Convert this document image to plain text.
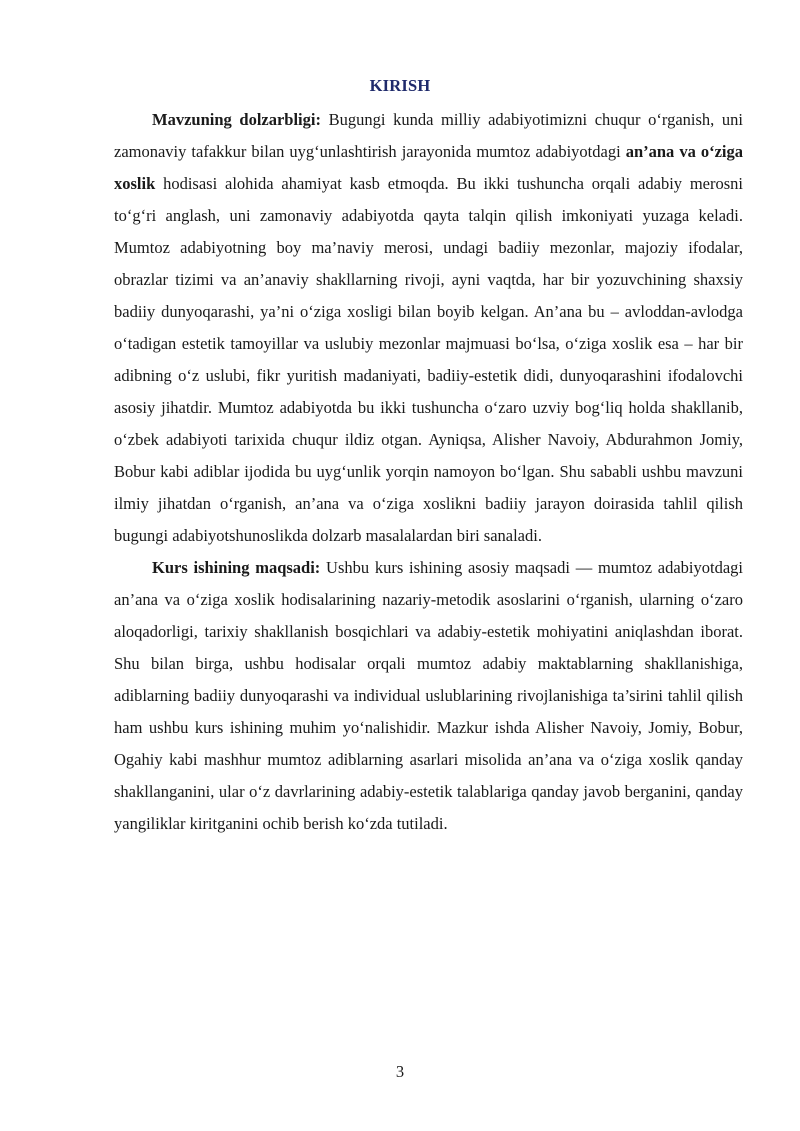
KIRISH

Mavzuning dolzarbligi: Bugungi kunda milliy adabiyotimizni chuqur o‘rganish, uni zamonaviy tafakkur bilan uyg‘unlashtirish jarayonida mumtoz adabiyotdagi an’ana va o‘ziga xoslik hodisasi alohida ahamiyat kasb etmoqda. Bu ikki tushuncha orqali adabiy merosni to‘g‘ri anglash, uni zamonaviy adabiyotda qayta talqin qilish imkoniyati yuzaga keladi. Mumtoz adabiyotning boy ma’naviy merosi, undagi badiiy mezonlar, majoziy ifodalar, obrazlar tizimi va an’anaviy shakllarning rivoji, ayni vaqtda, har bir yozuvchining shaxsiy badiiy dunyoqarashi, ya’ni o‘ziga xosligi bilan boyib kelgan. An’ana bu – avloddan-avlodga o‘tadigan estetik tamoyillar va uslubiy mezonlar majmuasi bo‘lsa, o‘ziga xoslik esa – har bir adibning o‘z uslubi, fikr yuritish madaniyati, badiiy-estetik didi, dunyoqarashini ifodalovchi asosiy jihatdir. Mumtoz adabiyotda bu ikki tushuncha o‘zaro uzviy bog‘liq holda shakllanib, o‘zbek adabiyoti tarixida chuqur ildiz otgan. Ayniqsa, Alisher Navoiy, Abdurahmon Jomiy, Bobur kabi adiblar ijodida bu uyg‘unlik yorqin namoyon bo‘lgan. Shu sababli ushbu mavzuni ilmiy jihatdan o‘rganish, an’ana va o‘ziga xoslikni badiiy jarayon doirasida tahlil qilish bugungi adabiyotshunoslikda dolzarb masalalardan biri sanaladi.

Kurs ishining maqsadi: Ushbu kurs ishining asosiy maqsadi — mumtoz adabiyotdagi an’ana va o‘ziga xoslik hodisalarining nazariy-metodik asoslarini o‘rganish, ularning o‘zaro aloqadorligi, tarixiy shakllanish bosqichlari va adabiy-estetik mohiyatini aniqlashdan iborat. Shu bilan birga, ushbu hodisalar orqali mumtoz adabiy maktablarning shakllanishiga, adiblarning badiiy dunyoqarashi va individual uslublarining rivojlanishiga ta’sirini tahlil qilish ham ushbu kurs ishining muhim yo‘nalishidir. Mazkur ishda Alisher Navoiy, Jomiy, Bobur, Ogahiy kabi mashhur mumtoz adiblarning asarlari misolida an’ana va o‘ziga xoslik qanday shakllanganini, ular o‘z davrlarining adabiy-estetik talablariga qanday javob berganini, qanday yangiliklar kiritganini ochib berish ko‘zda tutiladi.

3
